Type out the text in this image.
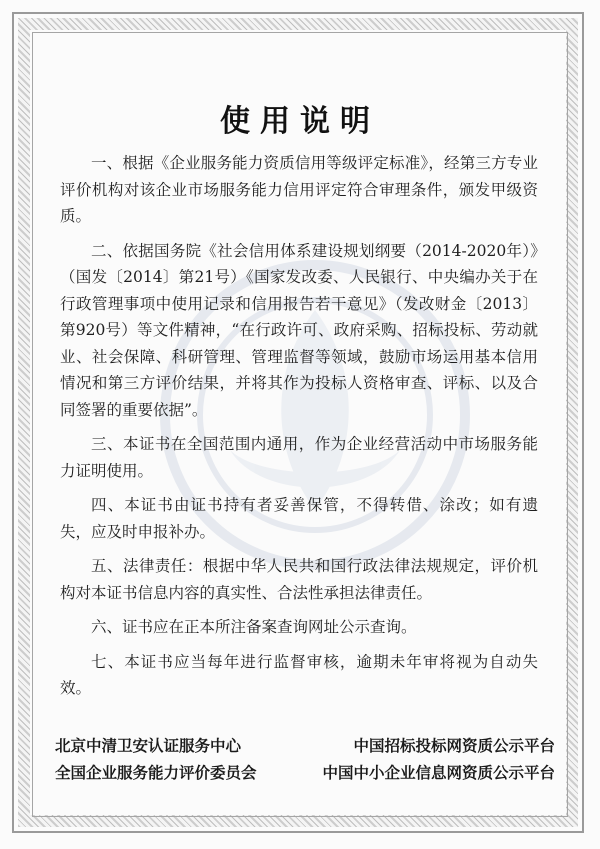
使用说明

一、根据《企业服务能力资质信用等级评定标准》，经第三方专业评价机构对该企业市场服务能力信用评定符合审理条件，颁发甲级资质。

二、依据国务院《社会信用体系建设规划纲要（2014-2020年）》（国发〔2014〕第21号）《国家发改委、人民银行、中央编办关于在行政管理事项中使用记录和信用报告若干意见》（发改财金〔2013〕第920号）等文件精神，“在行政许可、政府采购、招标投标、劳动就业、社会保障、科研管理、管理监督等领域，鼓励市场运用基本信用情况和第三方评价结果，并将其作为投标人资格审查、评标、以及合同签署的重要依据”。

三、本证书在全国范围内通用，作为企业经营活动中市场服务能力证明使用。

四、本证书由证书持有者妥善保管，不得转借、涂改；如有遗失，应及时申报补办。

五、法律责任：根据中华人民共和国行政法律法规规定，评价机构对本证书信息内容的真实性、合法性承担法律责任。

六、证书应在正本所注备案查询网址公示查询。

七、本证书应当每年进行监督审核，逾期未年审将视为自动失效。

北京中清卫安认证服务中心	中国招标投标网资质公示平台
全国企业服务能力评价委员会	中国中小企业信息网资质公示平台
